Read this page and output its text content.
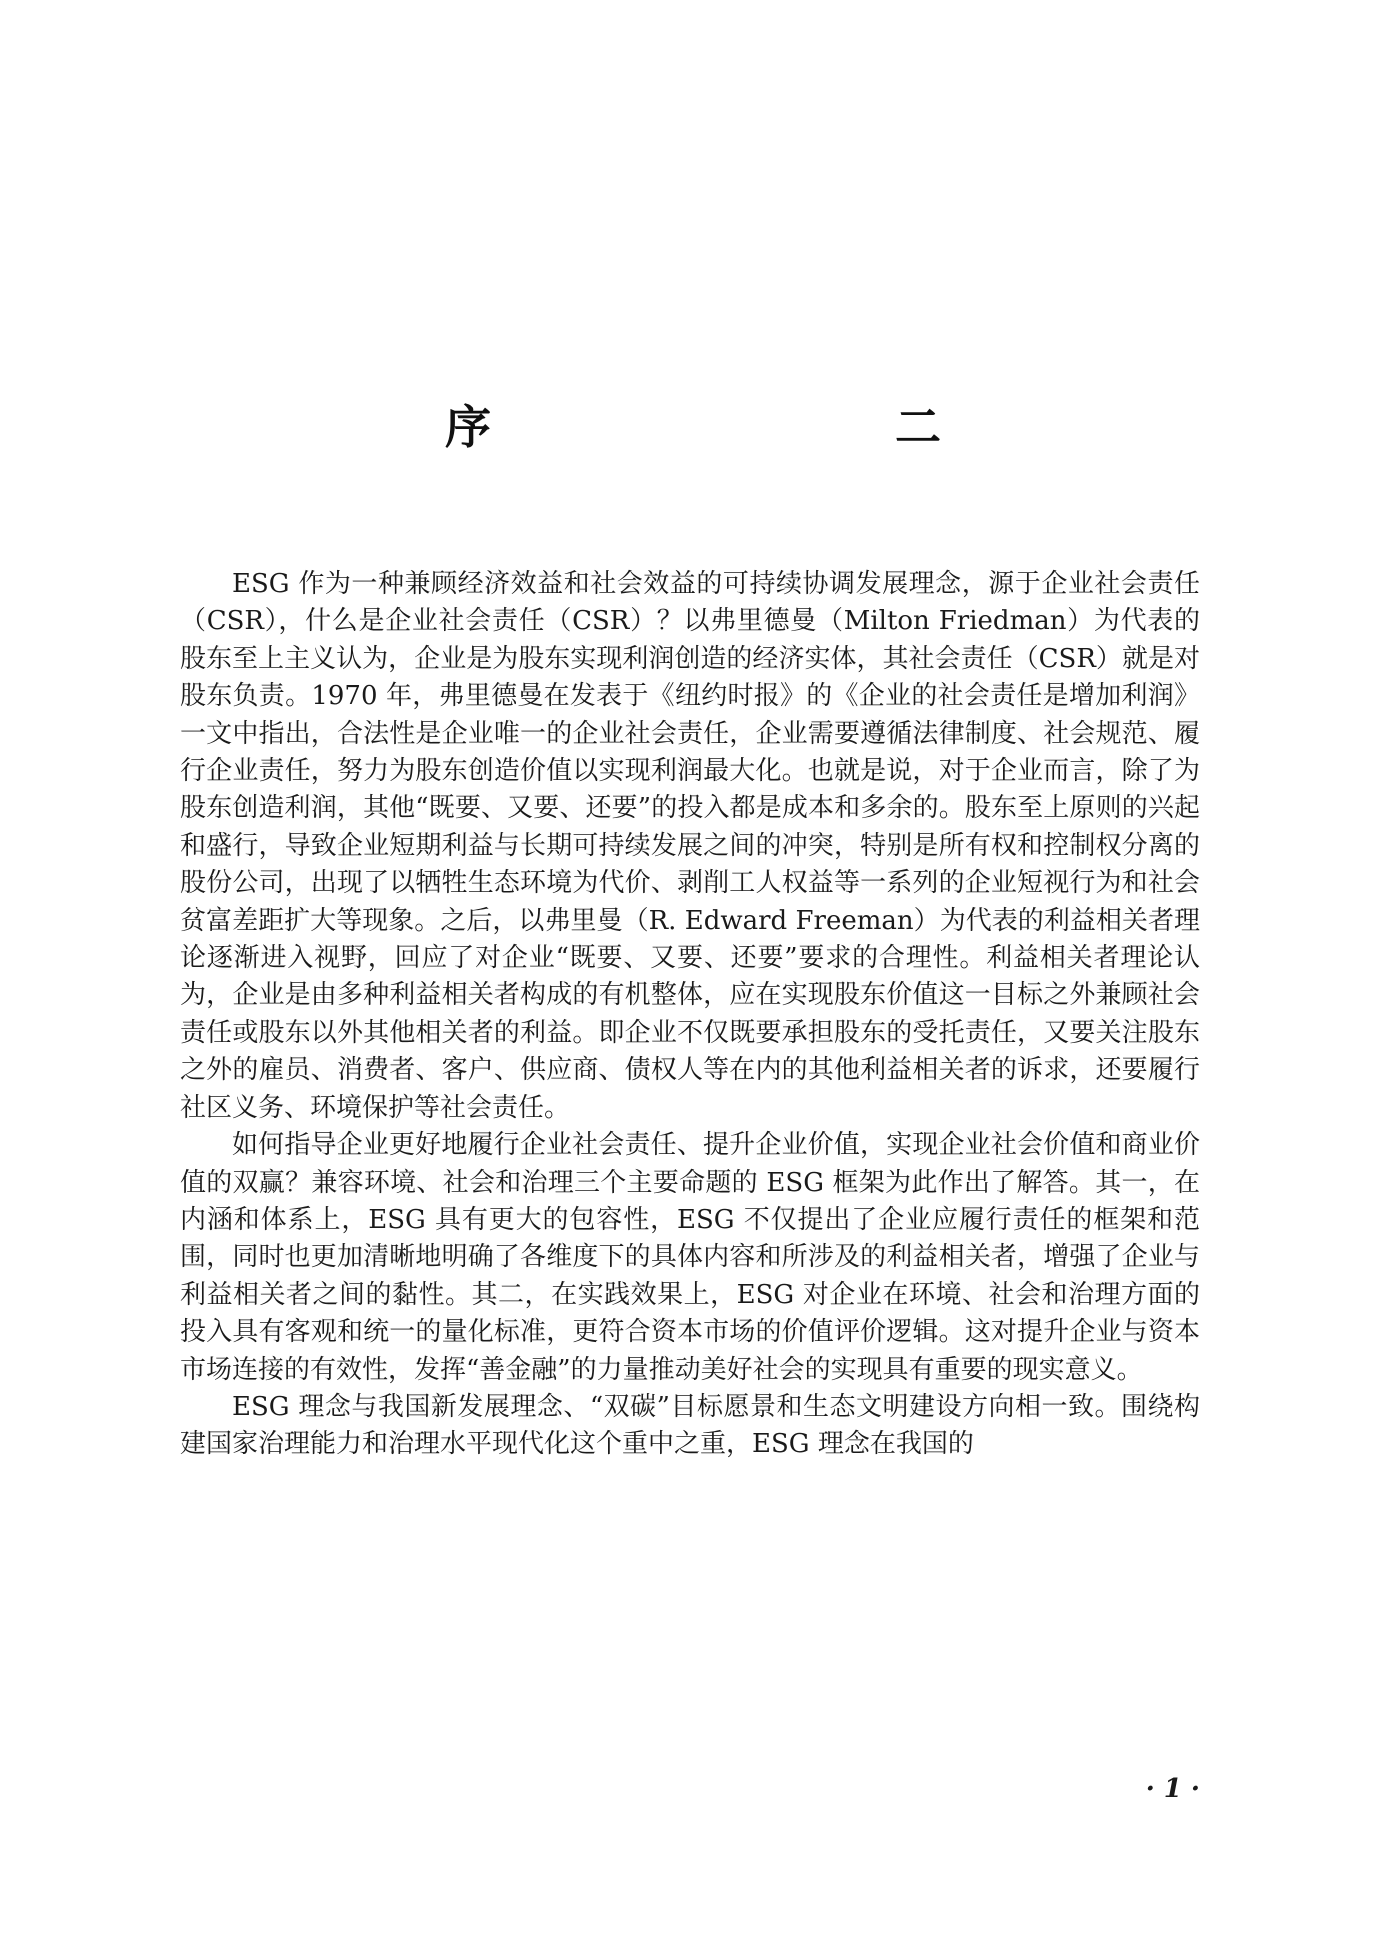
序　　二

ESG 作为一种兼顾经济效益和社会效益的可持续协调发展理念，源于企业社会责任（CSR），什么是企业社会责任（CSR）？以弗里德曼（Milton Friedman）为代表的股东至上主义认为，企业是为股东实现利润创造的经济实体，其社会责任（CSR）就是对股东负责。1970 年，弗里德曼在发表于《纽约时报》的《企业的社会责任是增加利润》一文中指出，合法性是企业唯一的企业社会责任，企业需要遵循法律制度、社会规范、履行企业责任，努力为股东创造价值以实现利润最大化。也就是说，对于企业而言，除了为股东创造利润，其他“既要、又要、还要”的投入都是成本和多余的。股东至上原则的兴起和盛行，导致企业短期利益与长期可持续发展之间的冲突，特别是所有权和控制权分离的股份公司，出现了以牺牲生态环境为代价、剥削工人权益等一系列的企业短视行为和社会贫富差距扩大等现象。之后，以弗里曼（R. Edward Freeman）为代表的利益相关者理论逐渐进入视野，回应了对企业“既要、又要、还要”要求的合理性。利益相关者理论认为，企业是由多种利益相关者构成的有机整体，应在实现股东价值这一目标之外兼顾社会责任或股东以外其他相关者的利益。即企业不仅既要承担股东的受托责任，又要关注股东之外的雇员、消费者、客户、供应商、债权人等在内的其他利益相关者的诉求，还要履行社区义务、环境保护等社会责任。

如何指导企业更好地履行企业社会责任、提升企业价值，实现企业社会价值和商业价值的双赢？兼容环境、社会和治理三个主要命题的 ESG 框架为此作出了解答。其一，在内涵和体系上，ESG 具有更大的包容性，ESG 不仅提出了企业应履行责任的框架和范围，同时也更加清晰地明确了各维度下的具体内容和所涉及的利益相关者，增强了企业与利益相关者之间的黏性。其二，在实践效果上，ESG 对企业在环境、社会和治理方面的投入具有客观和统一的量化标准，更符合资本市场的价值评价逻辑。这对提升企业与资本市场连接的有效性，发挥“善金融”的力量推动美好社会的实现具有重要的现实意义。

ESG 理念与我国新发展理念、“双碳”目标愿景和生态文明建设方向相一致。围绕构建国家治理能力和治理水平现代化这个重中之重，ESG 理念在我国的

· 1 ·
